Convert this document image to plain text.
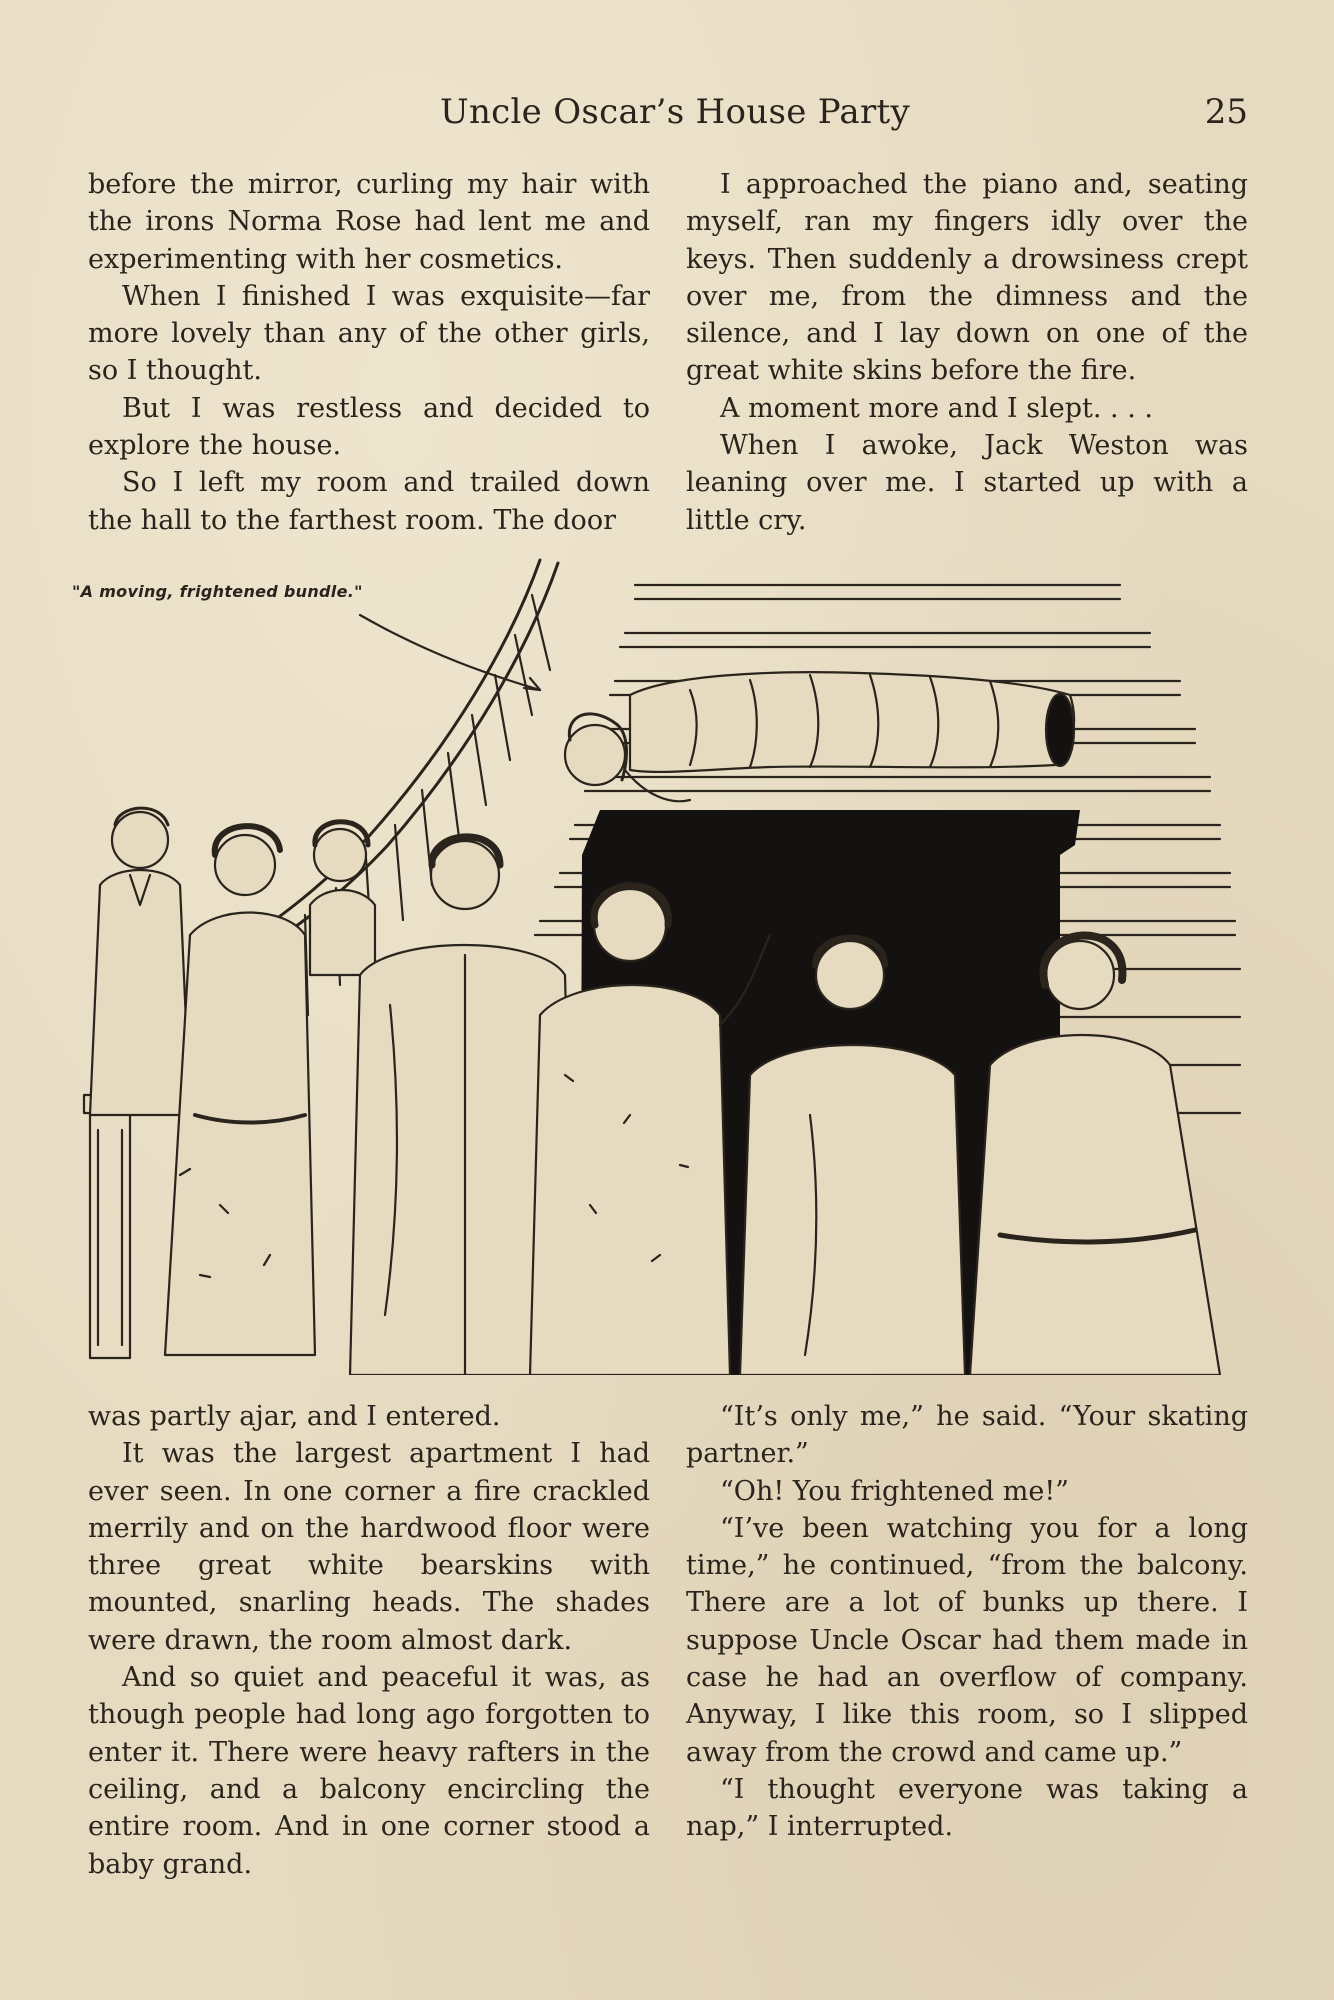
Uncle Oscar’s House Party	25

before the mirror, curling my hair with the irons Norma Rose had lent me and experimenting with her cosmetics.

When I finished I was exquisite—far more lovely than any of the other girls, so I thought.

But I was restless and decided to explore the house.

So I left my room and trailed down the hall to the farthest room. The door

I approached the piano and, seating myself, ran my fingers idly over the keys. Then suddenly a drowsiness crept over me, from the dimness and the silence, and I lay down on one of the great white skins before the fire.

A moment more and I slept. . . .

When I awoke, Jack Weston was leaning over me. I started up with a little cry.

"A moving, frightened bundle."

was partly ajar, and I entered.

It was the largest apartment I had ever seen. In one corner a fire crackled merrily and on the hardwood floor were three great white bearskins with mounted, snarling heads. The shades were drawn, the room almost dark.

And so quiet and peaceful it was, as though people had long ago forgotten to enter it. There were heavy rafters in the ceiling, and a balcony encircling the entire room. And in one corner stood a baby grand.

“It’s only me,” he said. “Your skating partner.”

“Oh! You frightened me!”

“I’ve been watching you for a long time,” he continued, “from the balcony. There are a lot of bunks up there. I suppose Uncle Oscar had them made in case he had an overflow of company. Anyway, I like this room, so I slipped away from the crowd and came up.”

“I thought everyone was taking a nap,” I interrupted.
